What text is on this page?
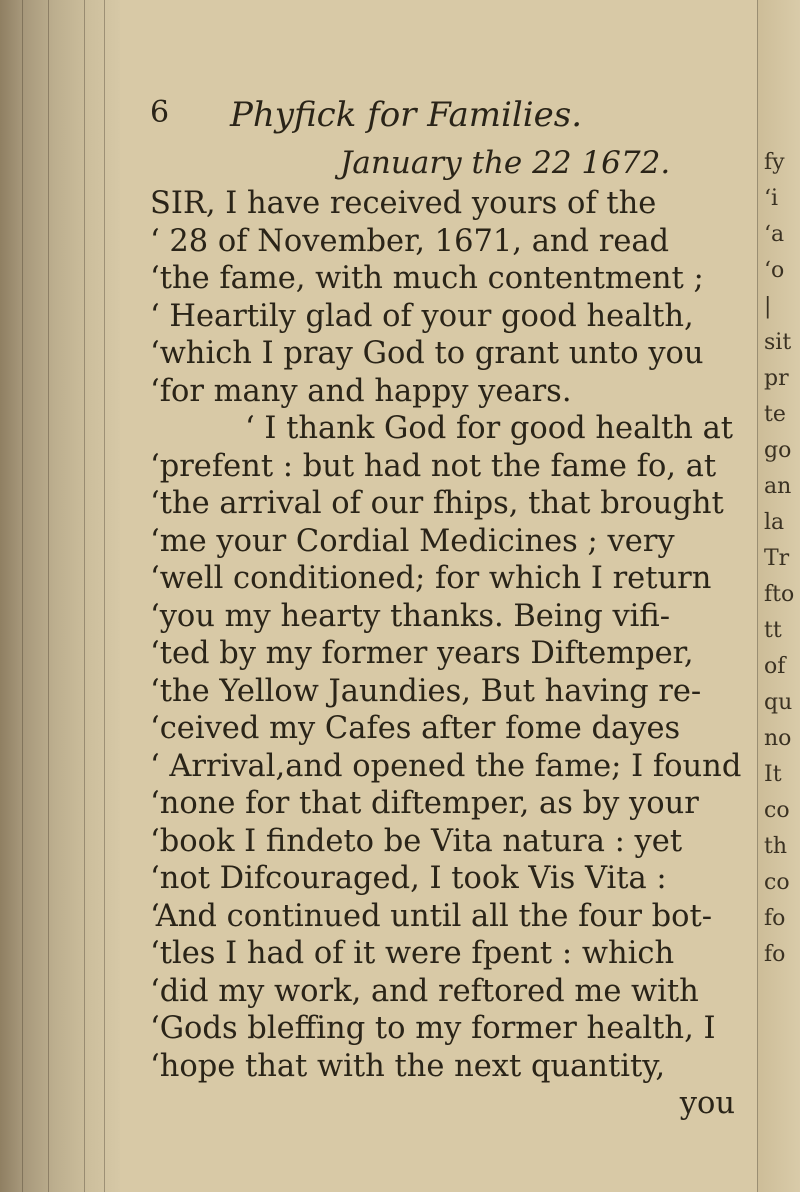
fy
‘i
‘a
‘o
|
sit
pr
te
go
an
la
Tr
fto
tt
of
qu
no
It
co
th
co
fo
fo
6 Phyfick for Families.
January the 22 1672.
SIR, I have received yours of the
‘ 28 of November, 1671, and read
‘the fame, with much contentment ;
‘ Heartily glad of your good health,
‘which I pray God to grant unto you
‘for many and happy years.
‘ I thank God for good health at
‘prefent : but had not the fame fo, at
‘the arrival of our fhips, that brought
‘me your Cordial Medicines ; very
‘well conditioned; for which I return
‘you my hearty thanks. Being vifi-
‘ted by my former years Diftemper,
‘the Yellow Jaundies, But having re-
‘ceived my Cafes after fome dayes
‘ Arrival,and opened the fame; I found
‘none for that diftemper, as by your
‘book I findeto be Vita natura : yet
‘not Difcouraged, I took Vis Vita :
‘And continued until all the four bot-
‘tles I had of it were fpent : which
‘did my work, and reftored me with
‘Gods bleffing to my former health, I
‘hope that with the next quantity,
you
